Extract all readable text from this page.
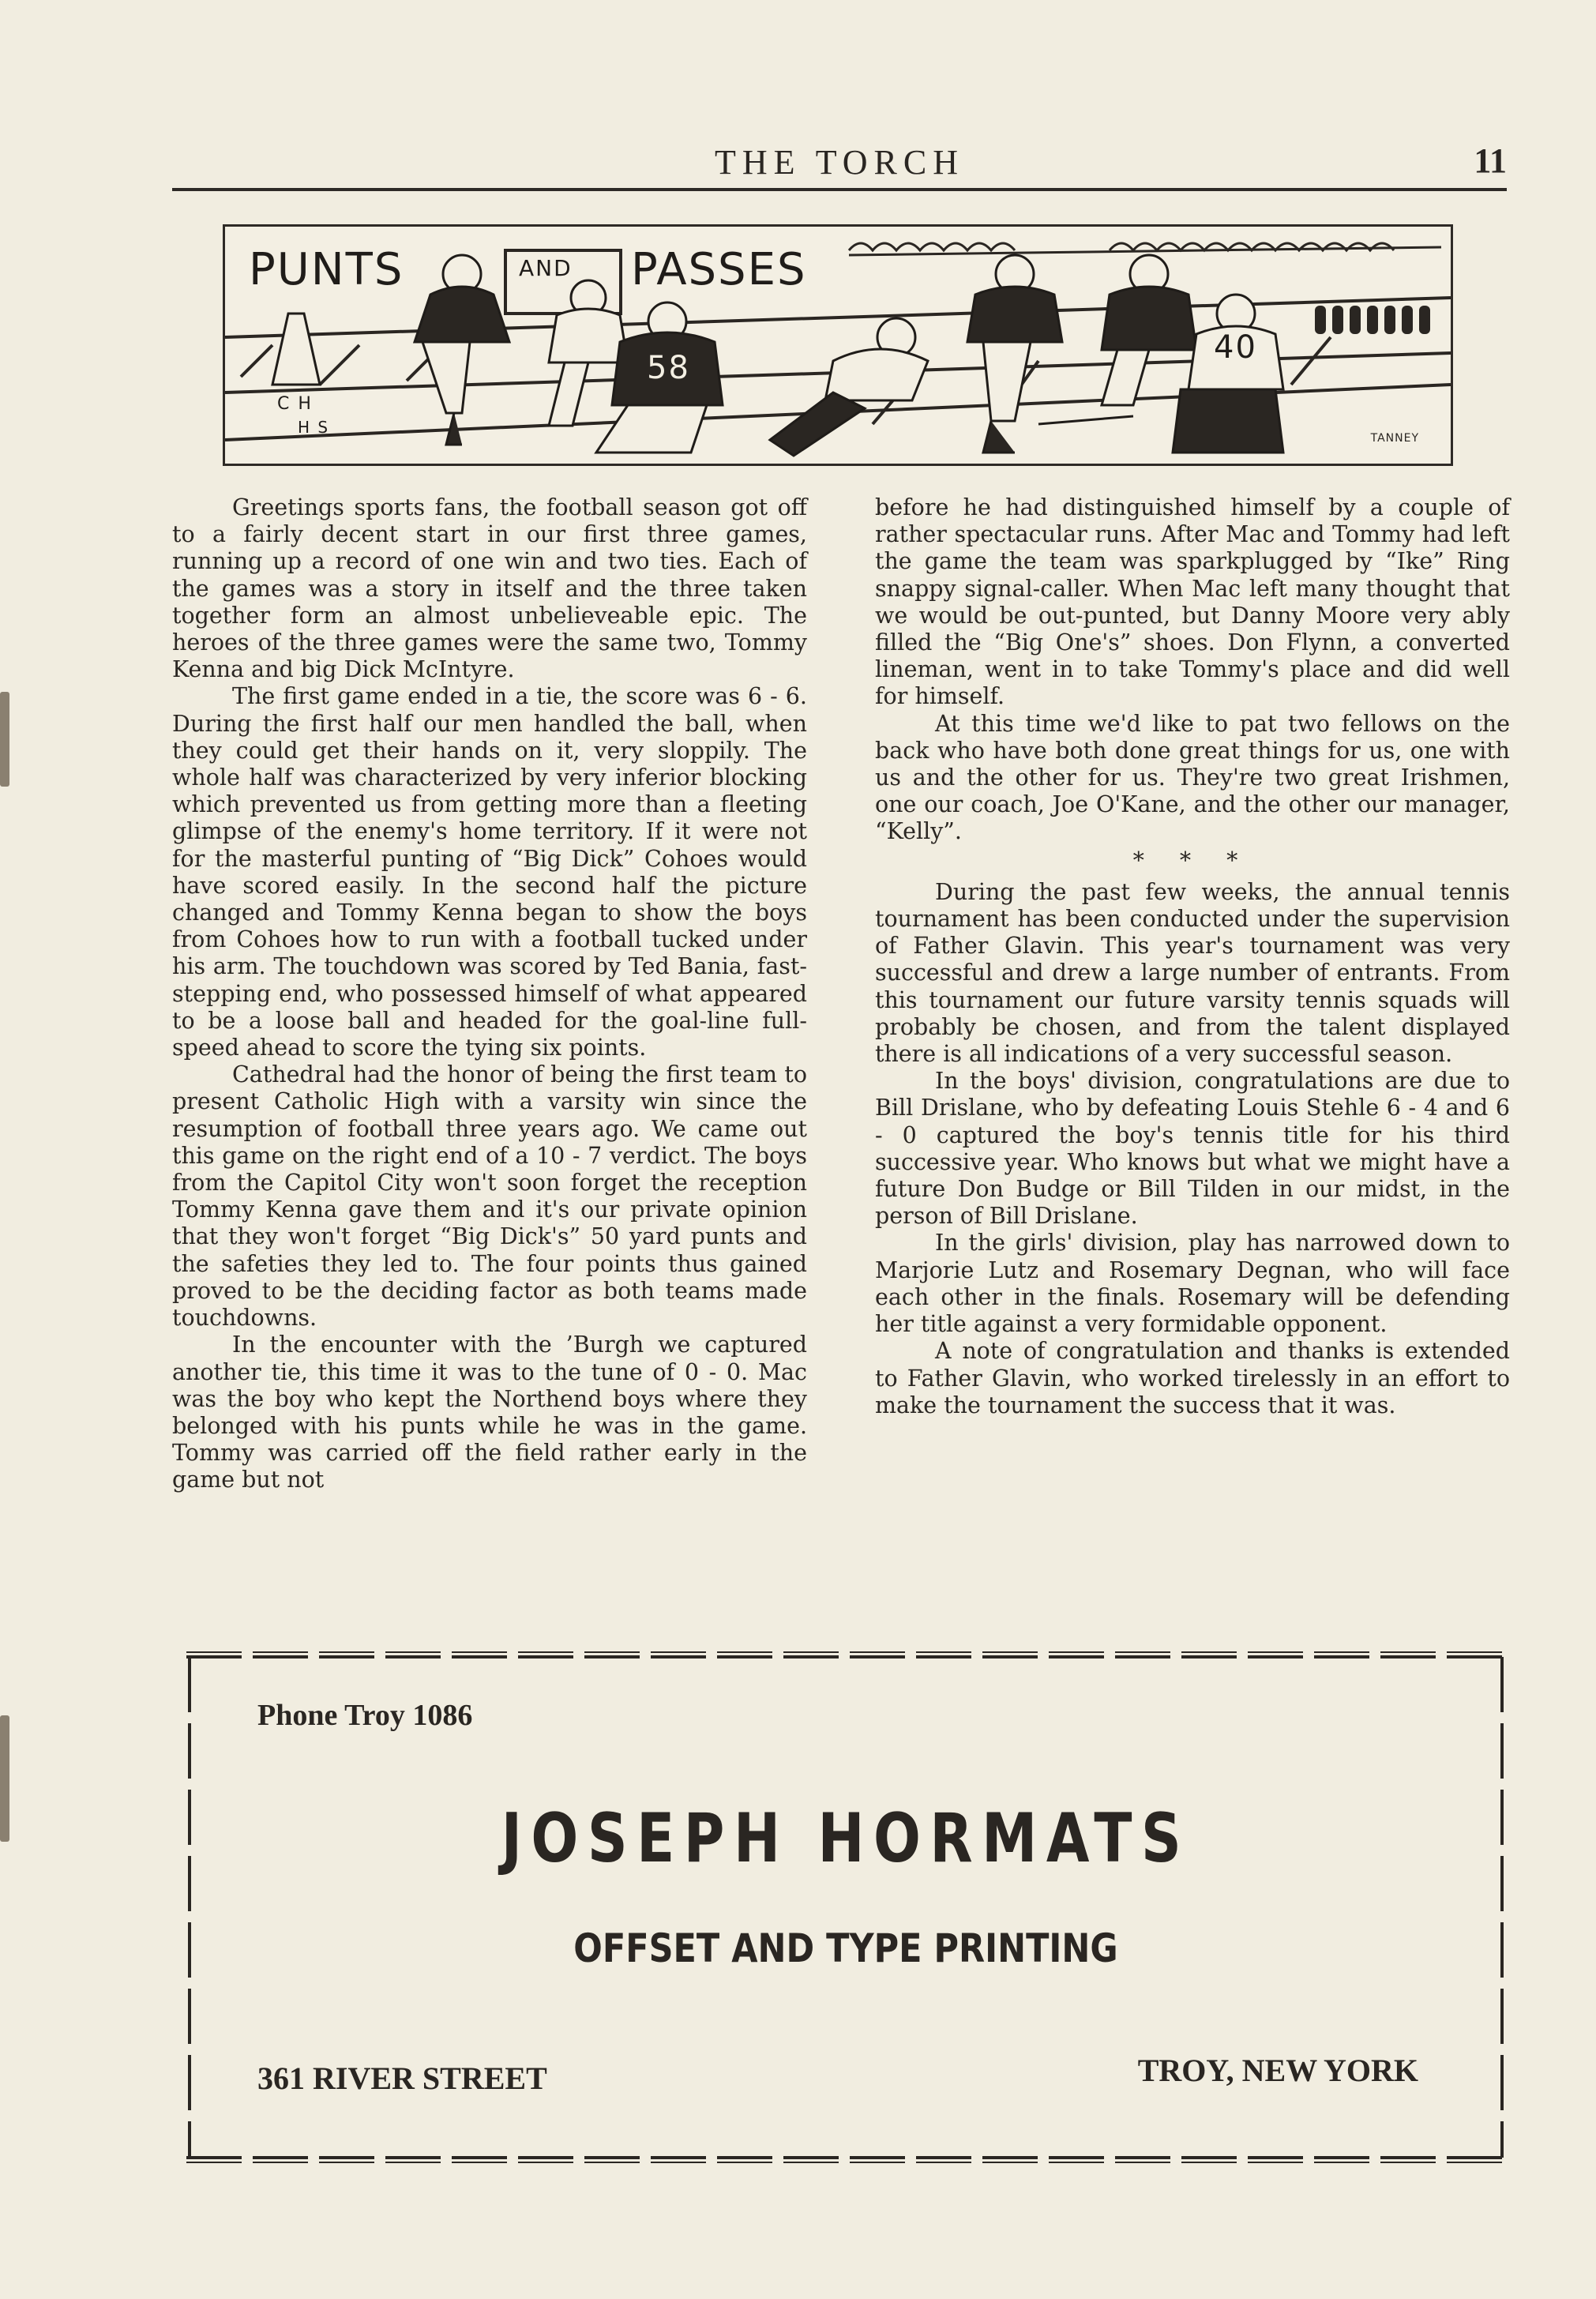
THE TORCH	11
PUNTS	AND PASSES
58
40
C H
H S
TANNEY

Greetings sports fans, the football season got off to a fairly decent start in our first three games, running up a record of one win and two ties. Each of the games was a story in itself and the three taken together form an almost unbelieveable epic. The heroes of the three games were the same two, Tommy Kenna and big Dick McIntyre.

The first game ended in a tie, the score was 6 - 6. During the first half our men handled the ball, when they could get their hands on it, very sloppily. The whole half was characterized by very inferior blocking which prevented us from getting more than a fleeting glimpse of the enemy's home territory. If it were not for the masterful punting of “Big Dick” Cohoes would have scored easily. In the second half the picture changed and Tommy Kenna began to show the boys from Cohoes how to run with a football tucked under his arm. The touchdown was scored by Ted Bania, fast-stepping end, who possessed himself of what appeared to be a loose ball and headed for the goal-line full-speed ahead to score the tying six points.

Cathedral had the honor of being the first team to present Catholic High with a varsity win since the resumption of football three years ago. We came out this game on the right end of a 10 - 7 verdict. The boys from the Capitol City won't soon forget the reception Tommy Kenna gave them and it's our private opinion that they won't forget “Big Dick's” 50 yard punts and the safeties they led to. The four points thus gained proved to be the deciding factor as both teams made touchdowns.

In the encounter with the ’Burgh we captured another tie, this time it was to the tune of 0 - 0. Mac was the boy who kept the Northend boys where they belonged with his punts while he was in the game. Tommy was carried off the field rather early in the game but not

before he had distinguished himself by a couple of rather spectacular runs. After Mac and Tommy had left the game the team was sparkplugged by “Ike” Ring snappy signal-caller. When Mac left many thought that we would be out-punted, but Danny Moore very ably filled the “Big One's” shoes. Don Flynn, a converted lineman, went in to take Tommy's place and did well for himself.

At this time we'd like to pat two fellows on the back who have both done great things for us, one with us and the other for us. They're two great Irishmen, one our coach, Joe O'Kane, and the other our manager, “Kelly”.

* * *

During the past few weeks, the annual tennis tournament has been conducted under the supervision of Father Glavin. This year's tournament was very successful and drew a large number of entrants. From this tournament our future varsity tennis squads will probably be chosen, and from the talent displayed there is all indications of a very successful season.

In the boys' division, congratulations are due to Bill Drislane, who by defeating Louis Stehle 6 - 4 and 6 - 0 captured the boy's tennis title for his third successive year. Who knows but what we might have a future Don Budge or Bill Tilden in our midst, in the person of Bill Drislane.

In the girls' division, play has narrowed down to Marjorie Lutz and Rosemary Degnan, who will face each other in the finals. Rosemary will be defending her title against a very formidable opponent.

A note of congratulation and thanks is extended to Father Glavin, who worked tirelessly in an effort to make the tournament the success that it was.

Phone Troy 1086
JOSEPH HORMATS
OFFSET AND TYPE PRINTING
361 RIVER STREET	TROY, NEW YORK
